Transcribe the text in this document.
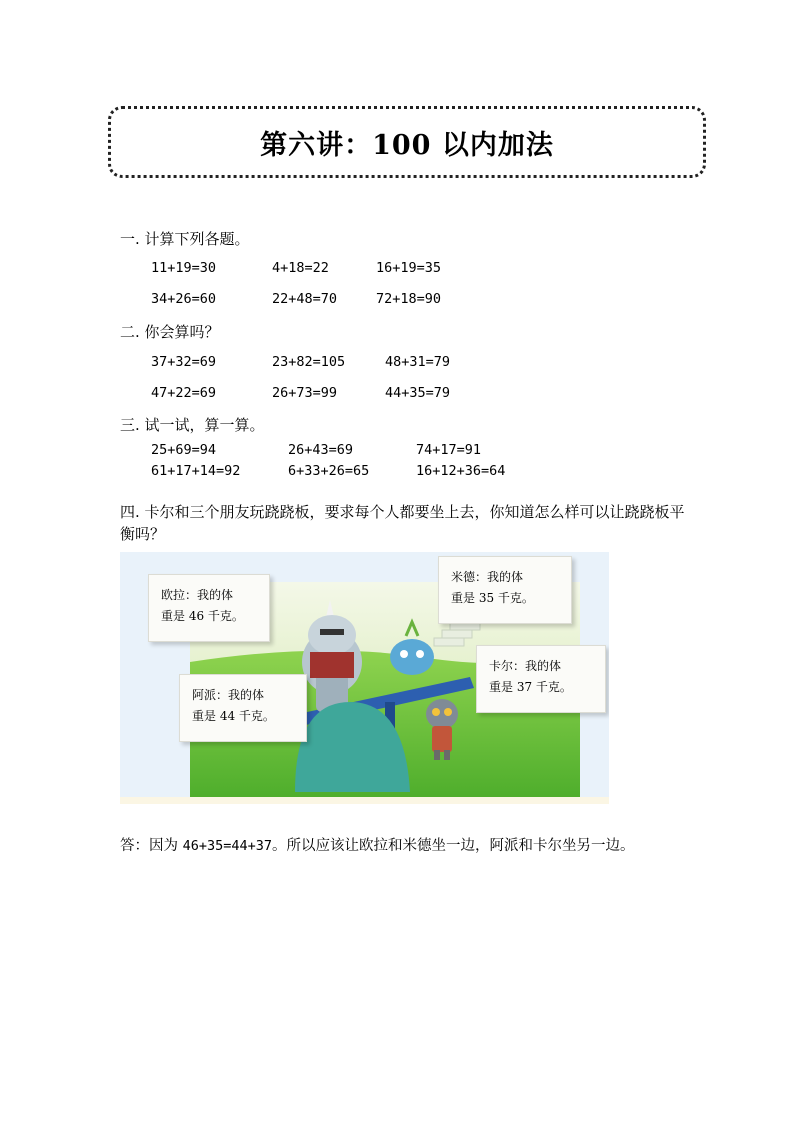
第六讲：100 以内加法
一. 计算下列各题。
11+19=30	4+18=22	16+19=35
34+26=60	22+48=70	72+18=90
二. 你会算吗？
37+32=69	23+82=105	48+31=79
47+22=69	26+73=99	44+35=79
三. 试一试，算一算。
25+69=94	26+43=69	74+17=91
61+17+14=92	6+33+26=65	16+12+36=64
四. 卡尔和三个朋友玩跷跷板，要求每个人都要坐上去，你知道怎么样可以让跷跷板平衡吗？
欧拉：我的体
重是 46 千克。
米德：我的体
重是 35 千克。
卡尔：我的体
重是 37 千克。
阿派：我的体
重是 44 千克。
答：因为 46+35=44+37。所以应该让欧拉和米德坐一边，阿派和卡尔坐另一边。
